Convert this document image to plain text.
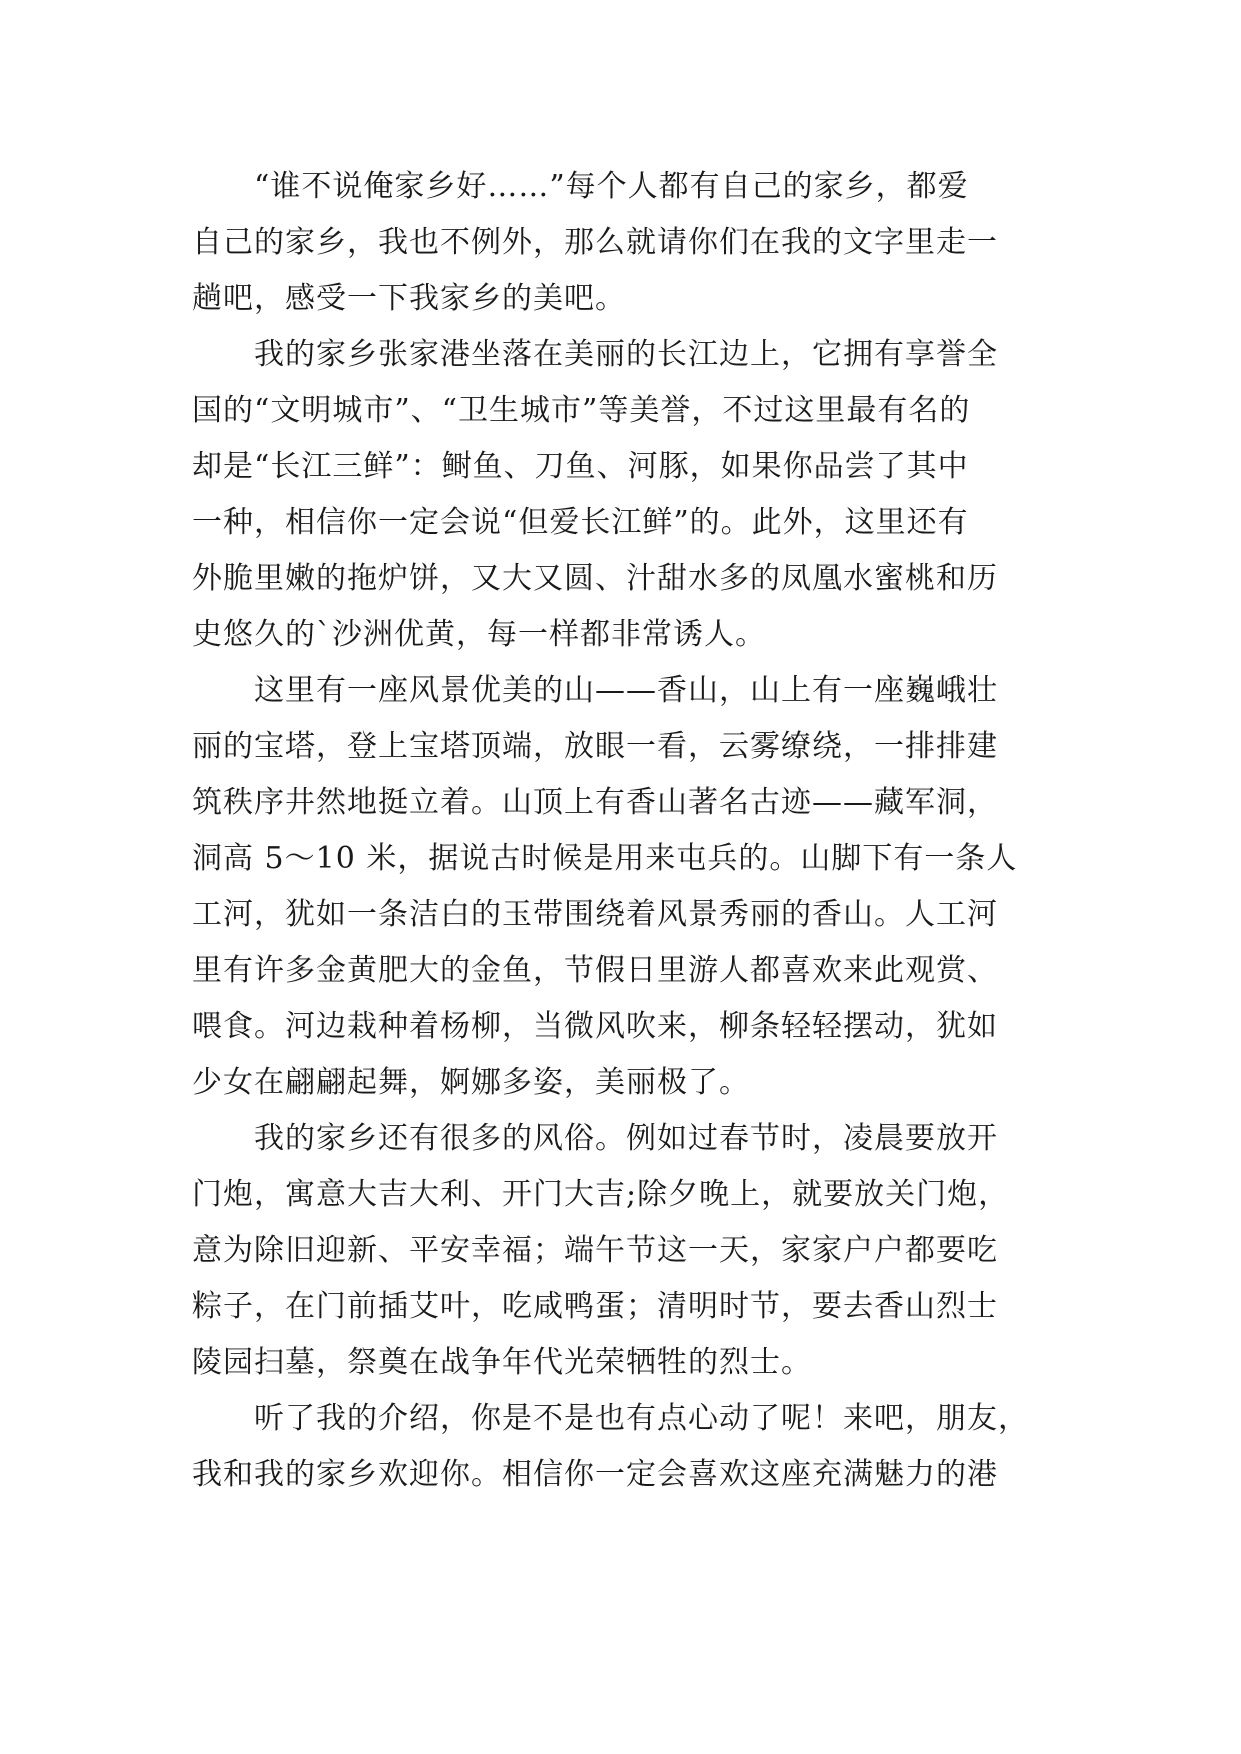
“谁不说俺家乡好……”每个人都有自己的家乡，都爱
自己的家乡，我也不例外，那么就请你们在我的文字里走一
趟吧，感受一下我家乡的美吧。
我的家乡张家港坐落在美丽的长江边上，它拥有享誉全
国的“文明城市”、“卫生城市”等美誉，不过这里最有名的
却是“长江三鲜”：鲥鱼、刀鱼、河豚，如果你品尝了其中
一种，相信你一定会说“但爱长江鲜”的。此外，这里还有
外脆里嫩的拖炉饼，又大又圆、汁甜水多的凤凰水蜜桃和历
史悠久的`沙洲优黄，每一样都非常诱人。
这里有一座风景优美的山——香山，山上有一座巍峨壮
丽的宝塔，登上宝塔顶端，放眼一看，云雾缭绕，一排排建
筑秩序井然地挺立着。山顶上有香山著名古迹——藏军洞，
洞高 5～10 米，据说古时候是用来屯兵的。山脚下有一条人
工河，犹如一条洁白的玉带围绕着风景秀丽的香山。人工河
里有许多金黄肥大的金鱼，节假日里游人都喜欢来此观赏、
喂食。河边栽种着杨柳，当微风吹来，柳条轻轻摆动，犹如
少女在翩翩起舞，婀娜多姿，美丽极了。
我的家乡还有很多的风俗。例如过春节时，凌晨要放开
门炮，寓意大吉大利、开门大吉;除夕晚上，就要放关门炮，
意为除旧迎新、平安幸福；端午节这一天，家家户户都要吃
粽子，在门前插艾叶，吃咸鸭蛋；清明时节，要去香山烈士
陵园扫墓，祭奠在战争年代光荣牺牲的烈士。
听了我的介绍，你是不是也有点心动了呢！来吧，朋友，
我和我的家乡欢迎你。相信你一定会喜欢这座充满魅力的港
